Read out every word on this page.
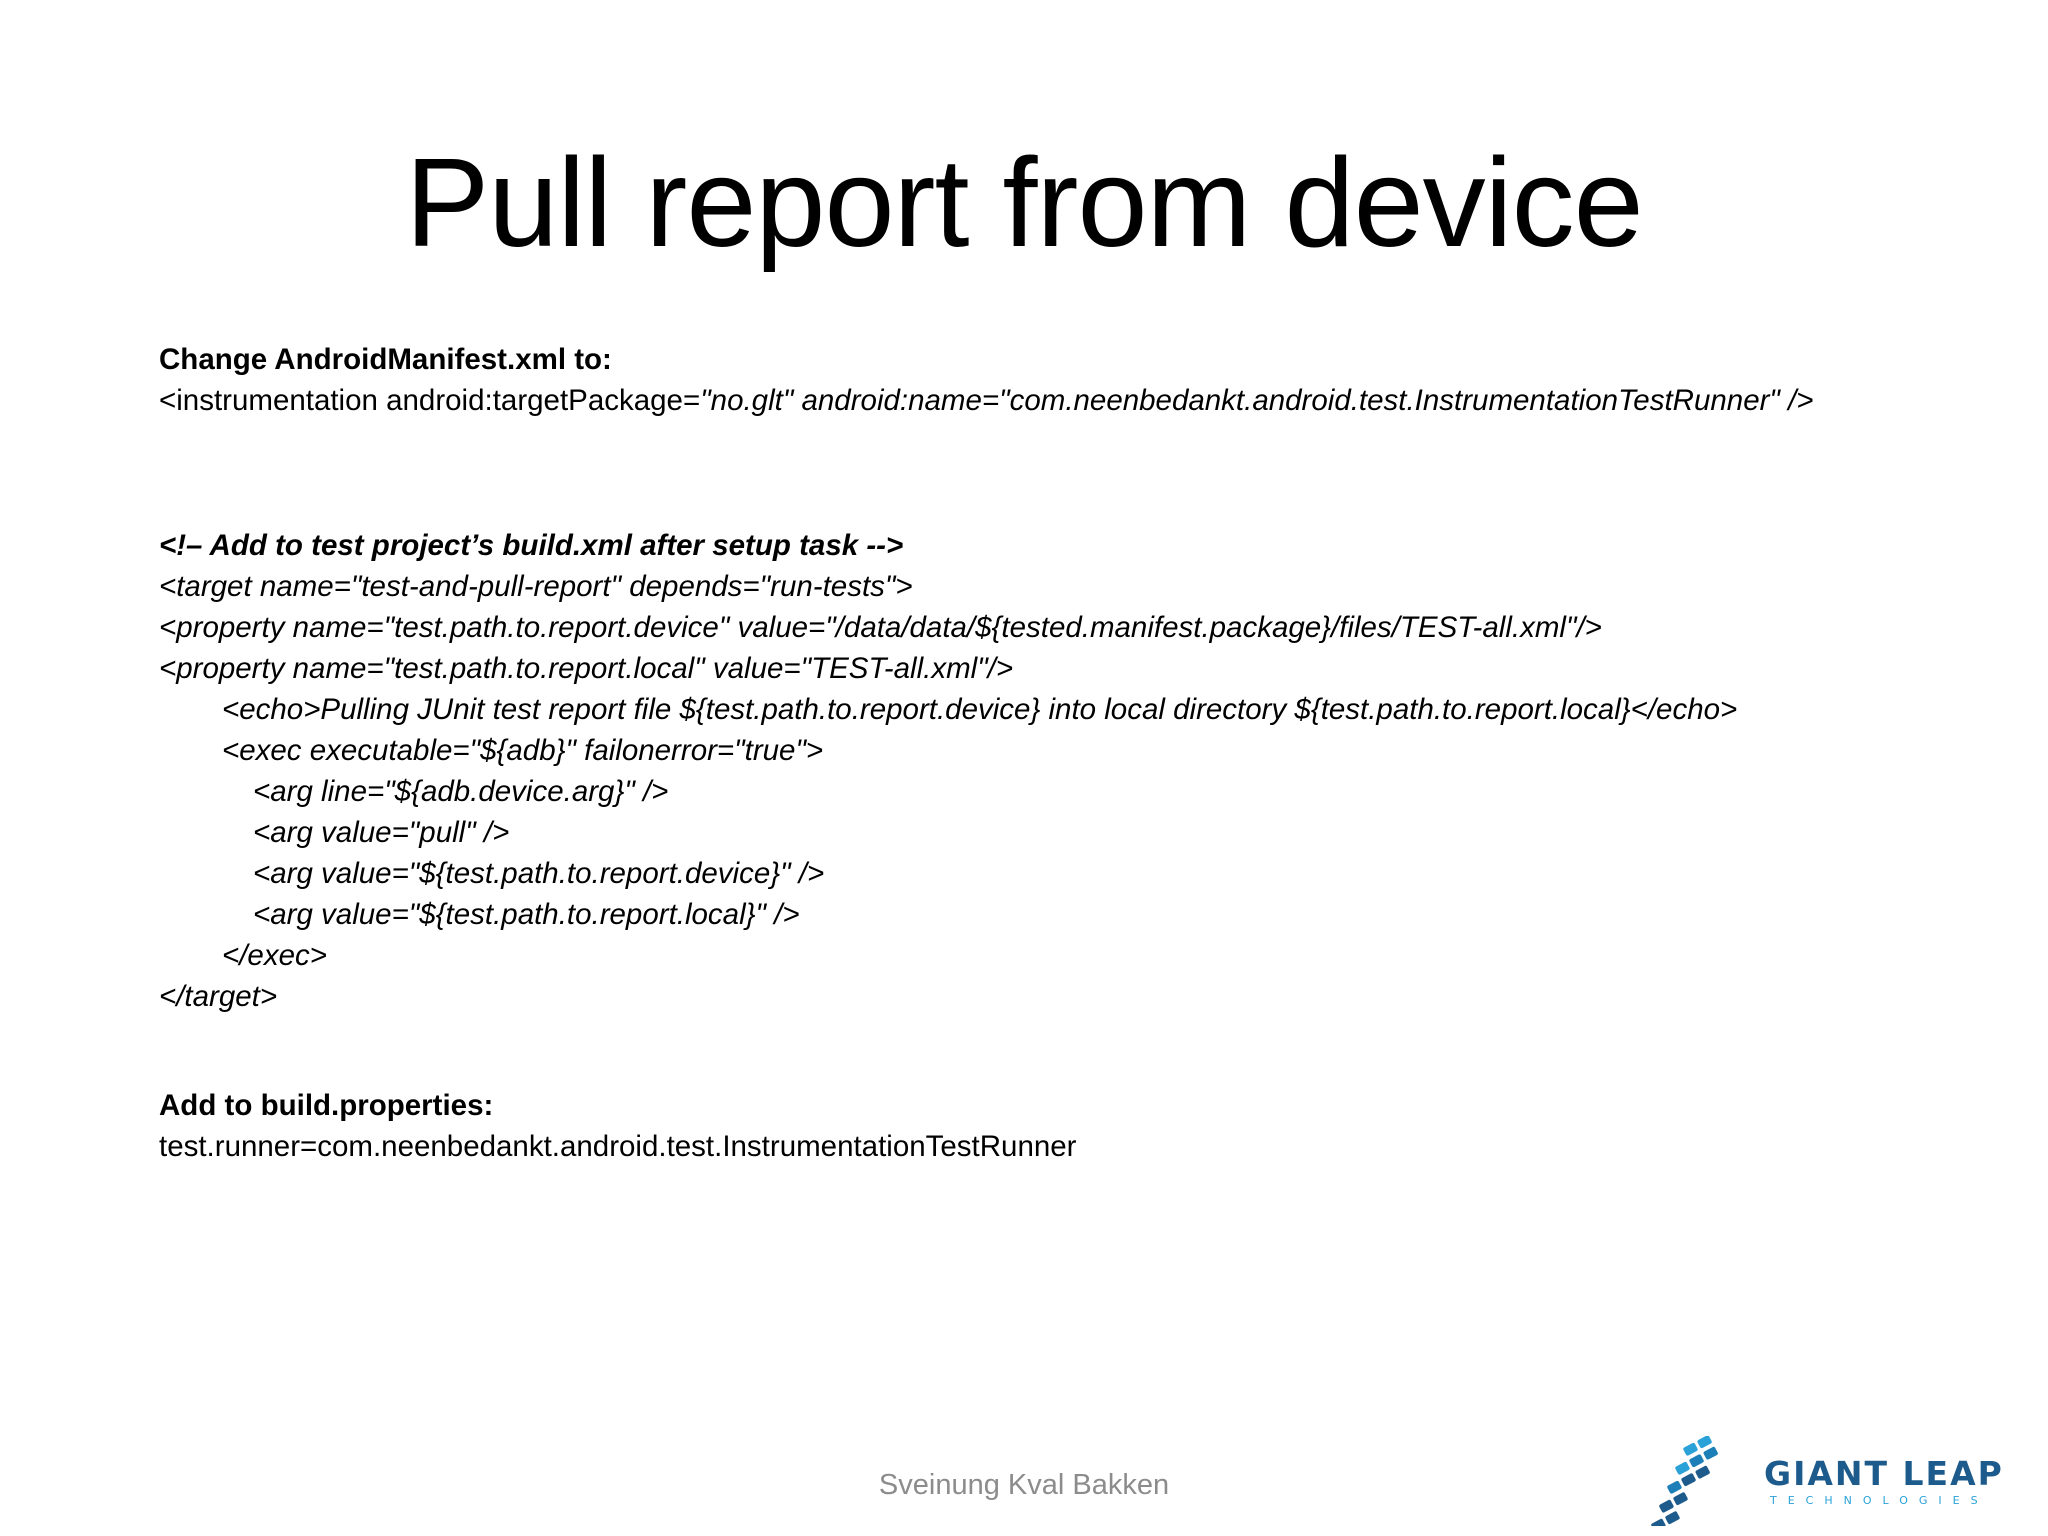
Pull report from device
Change AndroidManifest.xml to:
<instrumentation android:targetPackage="no.glt" android:name="com.neenbedankt.android.test.InstrumentationTestRunner" />
<!– Add to test project’s build.xml after setup task -->
<target name="test-and-pull-report" depends="run-tests">
<property name="test.path.to.report.device" value="/data/data/${tested.manifest.package}/files/TEST-all.xml"/>
<property name="test.path.to.report.local" value="TEST-all.xml"/>
<echo>Pulling JUnit test report file ${test.path.to.report.device} into local directory ${test.path.to.report.local}</echo>
<exec executable="${adb}" failonerror="true">
<arg line="${adb.device.arg}" />
<arg value="pull" />
<arg value="${test.path.to.report.device}" />
<arg value="${test.path.to.report.local}" />
</exec>
</target>
Add to build.properties:
test.runner=com.neenbedankt.android.test.InstrumentationTestRunner
Sveinung Kval Bakken	GIANT LEAP
TECHNOLOGIES
